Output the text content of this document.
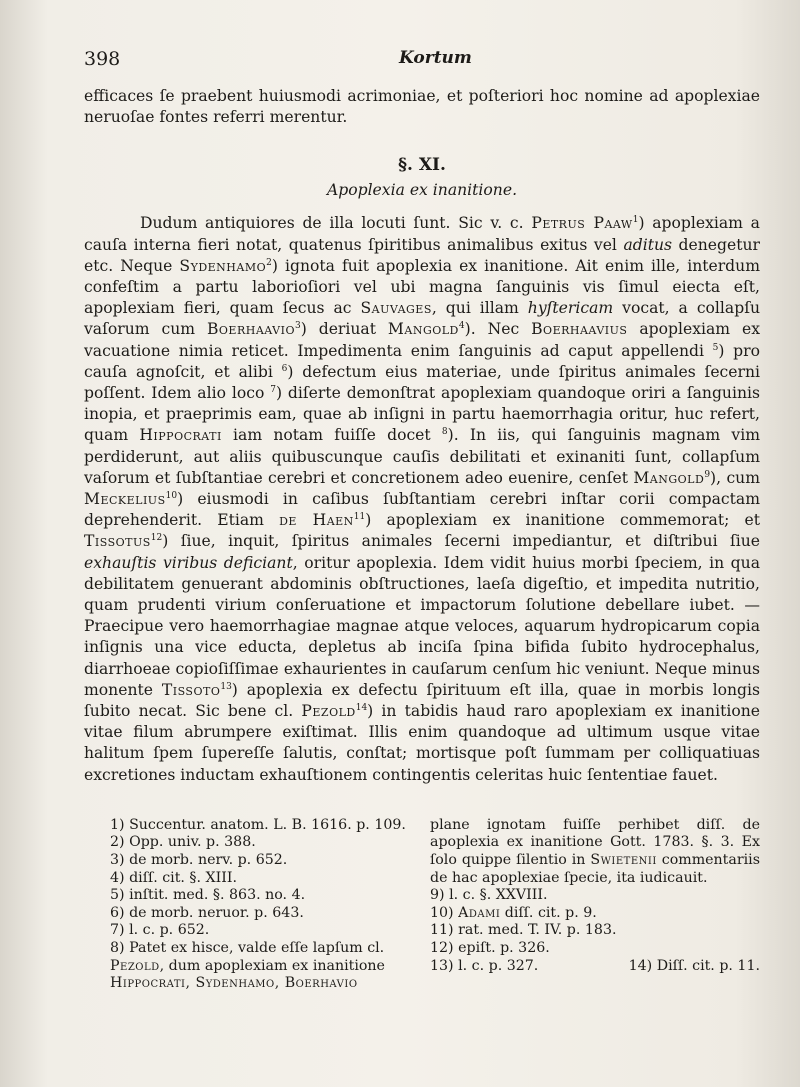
398	Kortum

efficaces ſe praebent huiusmodi acrimoniae, et poſteriori hoc nomine ad apoplexiae neruoſae fontes referri merentur.

§. XI.
Apoplexia ex inanitione.

Dudum antiquiores de illa locuti ſunt. Sic v. c. Petrus Paaw$^1$) apoplexiam a cauſa interna fieri notat, quatenus ſpiritibus animalibus exitus vel aditus denegetur etc. Neque Sydenhamo$^2$) ignota fuit apoplexia ex inanitione. Ait enim ille, interdum confeſtim a partu laborioſiori vel ubi magna ſanguinis vis ſimul eiecta eſt, apoplexiam fieri, quam ſecus ac Sauvages, qui illam hyſtericam vocat, a collapſu vaſorum cum Boerhaavio$^3$) deriuat Mangold$^4$). Nec Boerhaavius apoplexiam ex vacuatione nimia reticet. Impedimenta enim ſanguinis ad caput appellendi $^5$) pro cauſa agnoſcit, et alibi $^6$) defectum eius materiae, unde ſpiritus animales ſecerni poſſent. Idem alio loco $^7$) diſerte demonſtrat apoplexiam quandoque oriri a ſanguinis inopia, et praeprimis eam, quae ab inſigni in partu haemorrhagia oritur, huc refert, quam Hippocrati iam notam fuiſſe docet $^8$). In iis, qui ſanguinis magnam vim perdiderunt, aut aliis quibuscunque cauſis debilitati et exinaniti ſunt, collapſum vaſorum et ſubſtantiae cerebri et concretionem adeo euenire, cenſet Mangold$^9$), cum Meckelius$^{10}$) eiusmodi in caſibus ſubſtantiam cerebri inſtar corii compactam deprehenderit. Etiam de Haen$^{11}$) apoplexiam ex inanitione commemorat; et Tissotus$^{12}$) ſiue, inquit, ſpiritus animales ſecerni impediantur, et diſtribui ſiue exhauſtis viribus deficiant, oritur apoplexia. Idem vidit huius morbi ſpeciem, in qua debilitatem genuerant abdominis obſtructiones, laeſa digeſtio, et impedita nutritio, quam prudenti virium conſeruatione et impactorum ſolutione debellare iubet. — Praecipue vero haemorrhagiae magnae atque veloces, aquarum hydropicarum copia inſignis una vice educta, depletus ab inciſa ſpina bifida ſubito hydrocephalus, diarrhoeae copioſiſſimae exhaurientes in cauſarum cenſum hic veniunt. Neque minus monente Tissoto$^{13}$) apoplexia ex defectu ſpirituum eſt illa, quae in morbis longis ſubito necat. Sic bene cl. Pezold$^{14}$) in tabidis haud raro apoplexiam ex inanitione vitae filum abrumpere exiſtimat. Illis enim quandoque ad ultimum usque vitae halitum ſpem ſupereſſe ſalutis, conſtat; mortisque poſt ſummam per colliquatiuas excretiones inductam exhauſtionem contingentis celeritas huic ſententiae fauet.

1) Succentur. anatom. L. B. 1616. p. 109.
2) Opp. univ. p. 388.
3) de morb. nerv. p. 652.
4) diſſ. cit. §. XIII.
5) inſtit. med. §. 863. no. 4.
6) de morb. neruor. p. 643.
7) l. c. p. 652.
8) Patet ex hisce, valde eſſe lapſum cl.
Pezold, dum apoplexiam ex inanitione
Hippocrati, Sydenhamo, Boerhavio
plane ignotam fuiſſe perhibet diſſ. de apoplexia ex inanitione Gott. 1783. §. 3. Ex ſolo quippe ſilentio in Swietenii commentariis de hac apoplexiae ſpecie, ita iudicauit.
9) l. c. §. XXVIII.
10) Adami diſſ. cit. p. 9.
11) rat. med. T. IV. p. 183.
12) epiſt. p. 326.
13) l. c. p. 327.	14) Diſſ. cit. p. 11.
